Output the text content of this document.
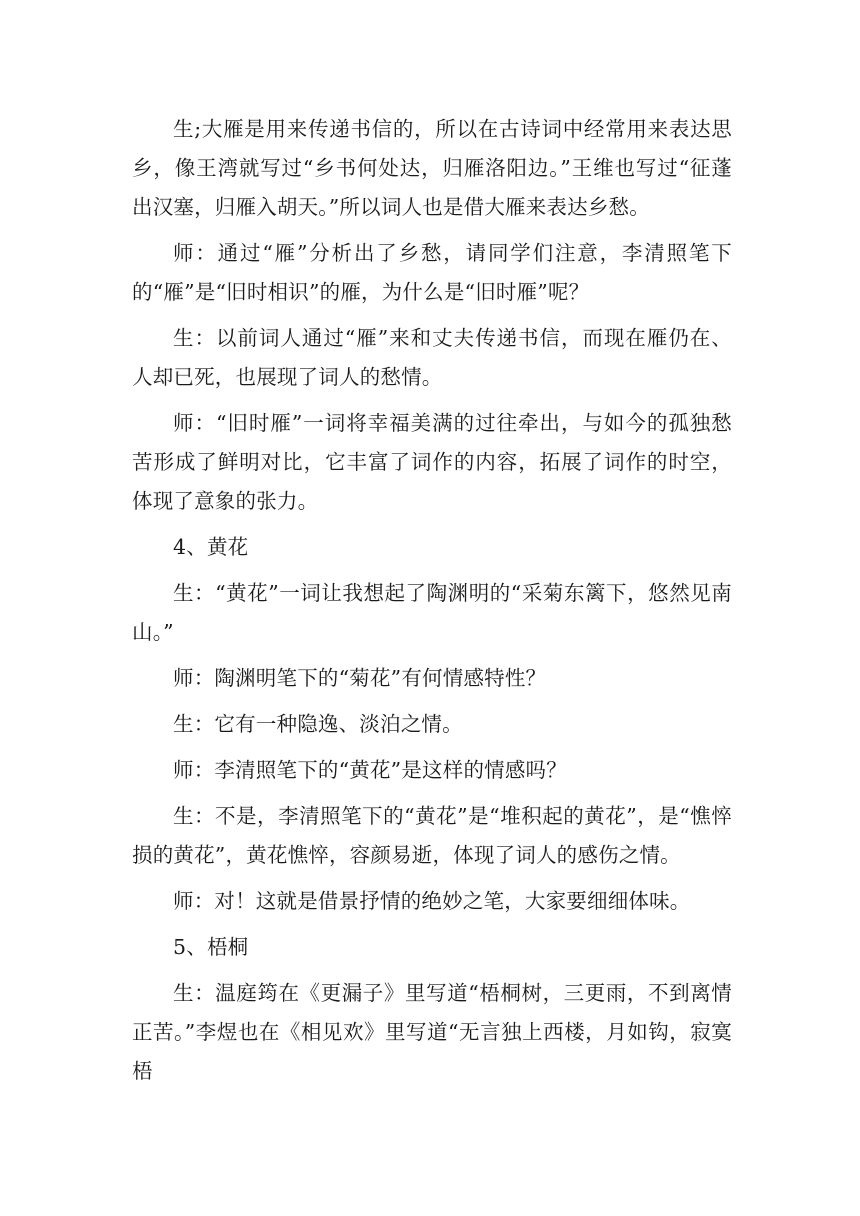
生;大雁是用来传递书信的，所以在古诗词中经常用来表达思乡，像王湾就写过“乡书何处达，归雁洛阳边。”王维也写过“征蓬出汉塞，归雁入胡天。”所以词人也是借大雁来表达乡愁。

师：通过“雁”分析出了乡愁，请同学们注意，李清照笔下的“雁”是“旧时相识”的雁，为什么是“旧时雁”呢？

生：以前词人通过“雁”来和丈夫传递书信，而现在雁仍在、人却已死，也展现了词人的愁情。

师：“旧时雁”一词将幸福美满的过往牵出，与如今的孤独愁苦形成了鲜明对比，它丰富了词作的内容，拓展了词作的时空，体现了意象的张力。

4、黄花

生：“黄花”一词让我想起了陶渊明的“采菊东篱下，悠然见南山。”

师：陶渊明笔下的“菊花”有何情感特性？

生：它有一种隐逸、淡泊之情。

师：李清照笔下的“黄花”是这样的情感吗？

生：不是，李清照笔下的“黄花”是“堆积起的黄花”，是“憔悴损的黄花”，黄花憔悴，容颜易逝，体现了词人的感伤之情。

师：对！这就是借景抒情的绝妙之笔，大家要细细体味。

5、梧桐

生：温庭筠在《更漏子》里写道“梧桐树，三更雨，不到离情正苦。”李煜也在《相见欢》里写道“无言独上西楼，月如钩，寂寞梧
